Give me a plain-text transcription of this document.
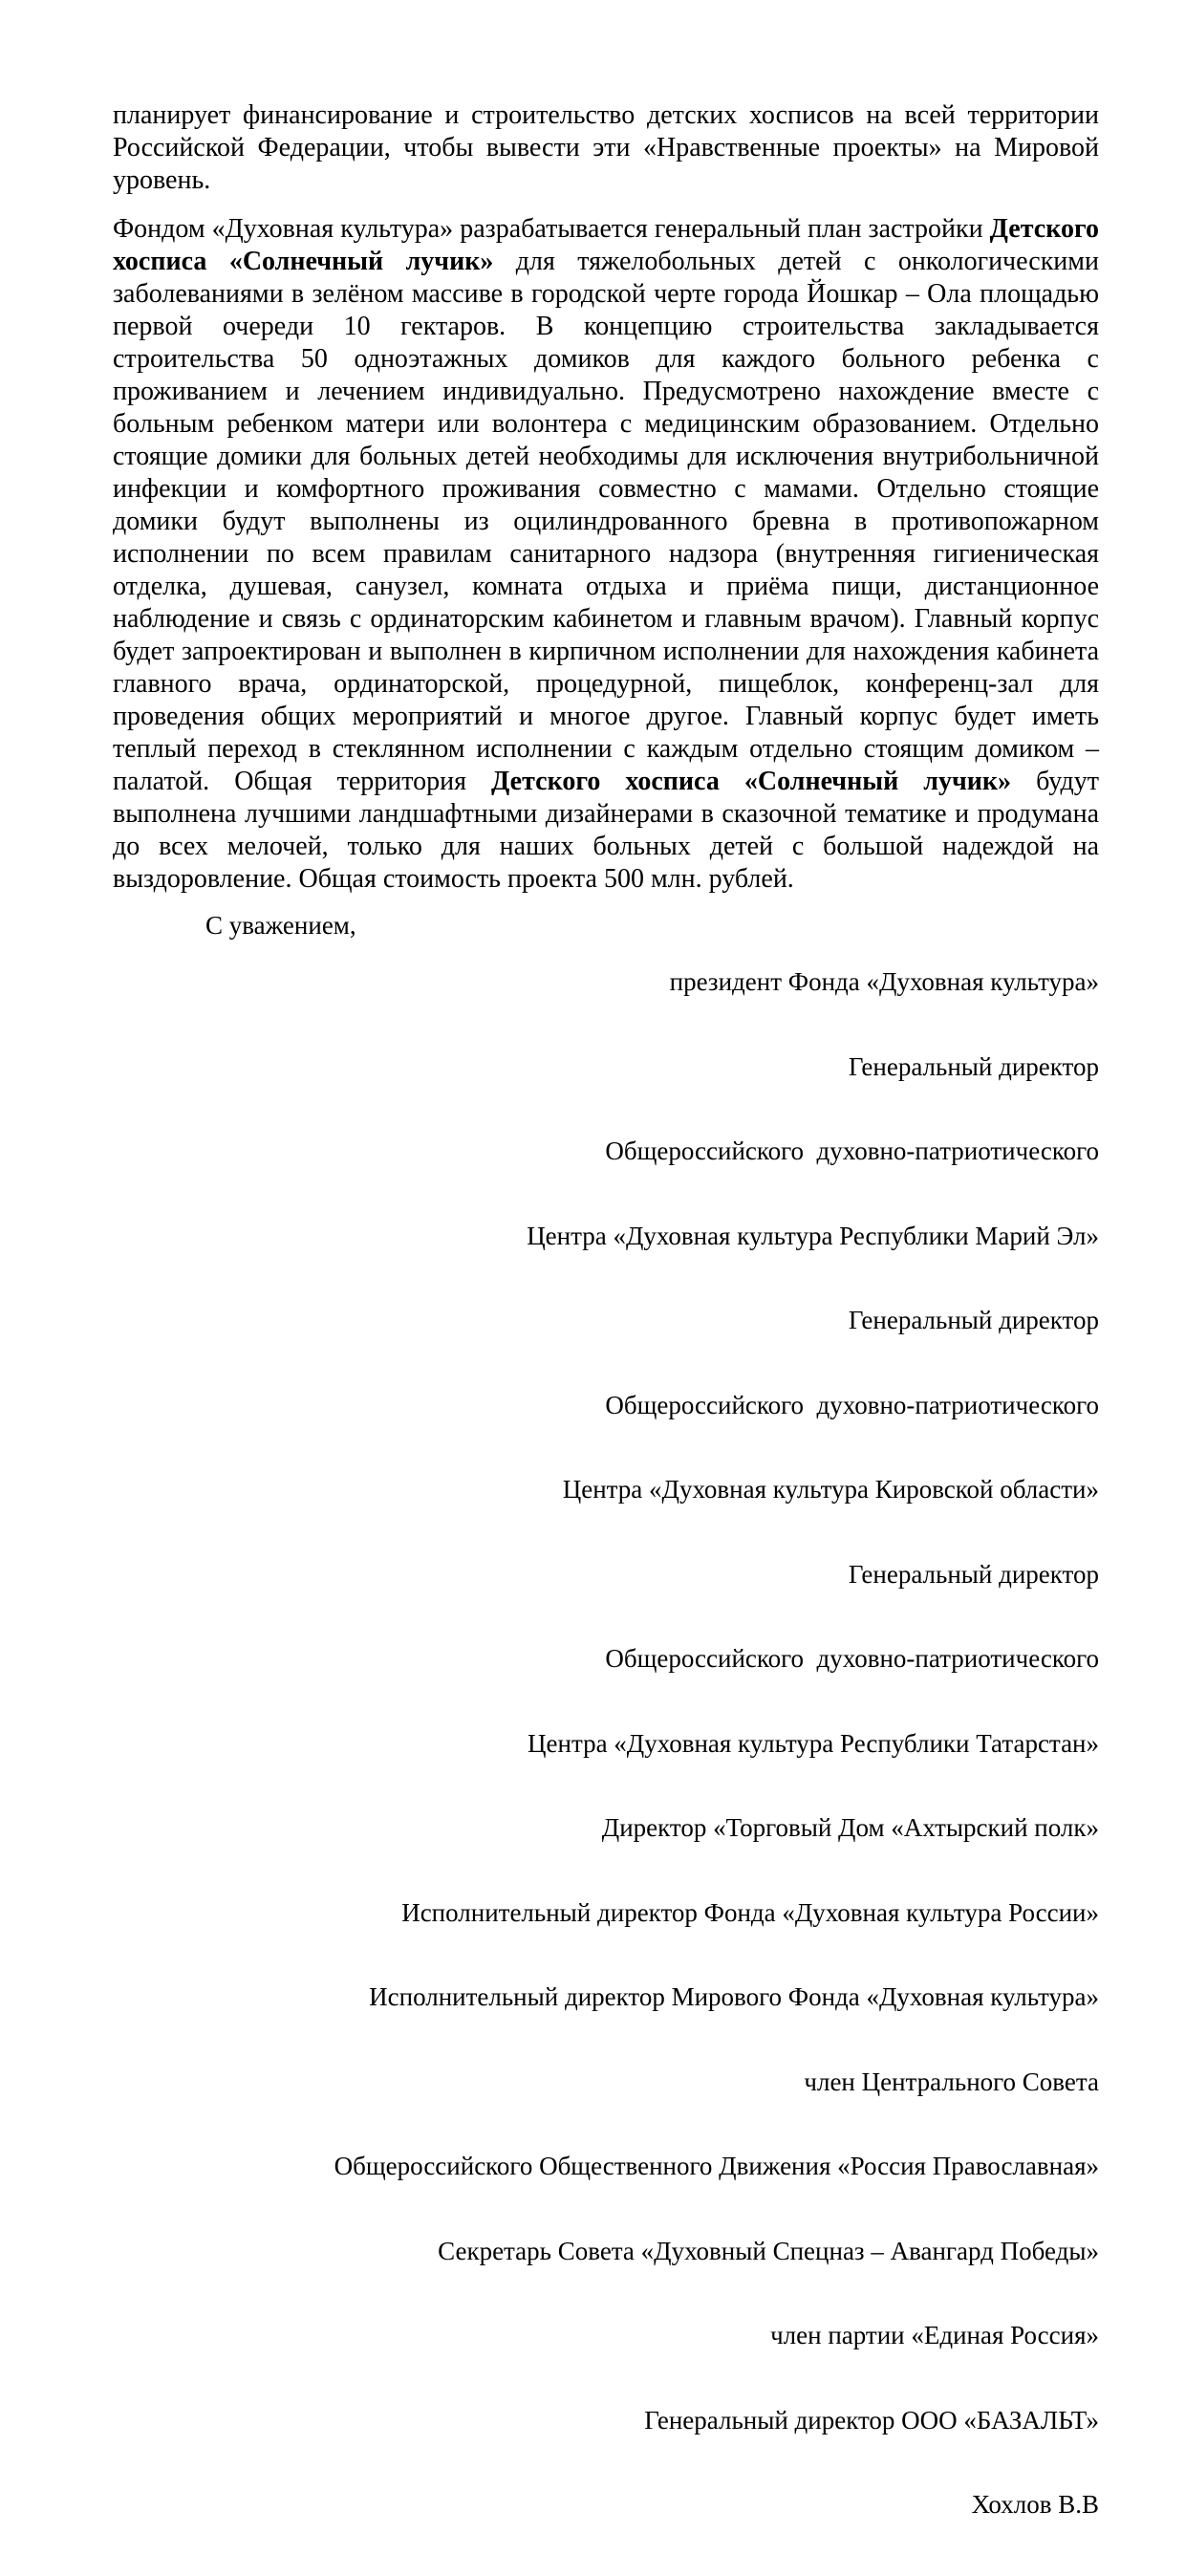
планирует финансирование и строительство детских хосписов на всей территории Российской Федерации, чтобы вывести эти «Нравственные проекты» на Мировой уровень.

Фондом «Духовная культура» разрабатывается генеральный план застройки Детского хосписа «Солнечный лучик» для тяжелобольных детей с онкологическими заболеваниями в зелёном массиве в городской черте города Йошкар – Ола площадью первой очереди 10 гектаров. В концепцию строительства закладывается строительства 50 одноэтажных домиков для каждого больного ребенка с проживанием и лечением индивидуально. Предусмотрено нахождение вместе с больным ребенком матери или волонтера с медицинским образованием. Отдельно стоящие домики для больных детей необходимы для исключения внутрибольничной инфекции и комфортного проживания совместно с мамами. Отдельно стоящие домики будут выполнены из оцилиндрованного бревна в противопожарном исполнении по всем правилам санитарного надзора (внутренняя гигиеническая отделка, душевая, санузел, комната отдыха и приёма пищи, дистанционное наблюдение и связь с ординаторским кабинетом и главным врачом). Главный корпус будет запроектирован и выполнен в кирпичном исполнении для нахождения кабинета главного врача, ординаторской, процедурной, пищеблок, конференц-зал для проведения общих мероприятий и многое другое. Главный корпус будет иметь теплый переход в стеклянном исполнении с каждым отдельно стоящим домиком – палатой. Общая территория Детского хосписа «Солнечный лучик» будут выполнена лучшими ландшафтными дизайнерами в сказочной тематике и продумана до всех мелочей, только для наших больных детей с большой надеждой на выздоровление. Общая стоимость проекта 500 млн. рублей.

С уважением,

президент Фонда «Духовная культура»

Генеральный директор

Общероссийского  духовно-патриотического

Центра «Духовная культура Республики Марий Эл»

Генеральный директор

Общероссийского  духовно-патриотического

Центра «Духовная культура Кировской области»

Генеральный директор

Общероссийского  духовно-патриотического

Центра «Духовная культура Республики Татарстан»

Директор «Торговый Дом «Ахтырский полк»

Исполнительный директор Фонда «Духовная культура России»

Исполнительный директор Мирового Фонда «Духовная культура»

член Центрального Совета

Общероссийского Общественного Движения «Россия Православная»

Секретарь Совета «Духовный Спецназ – Авангард Победы»

член партии «Единая Россия»

Генеральный директор ООО «БАЗАЛЬТ»

Хохлов В.В
